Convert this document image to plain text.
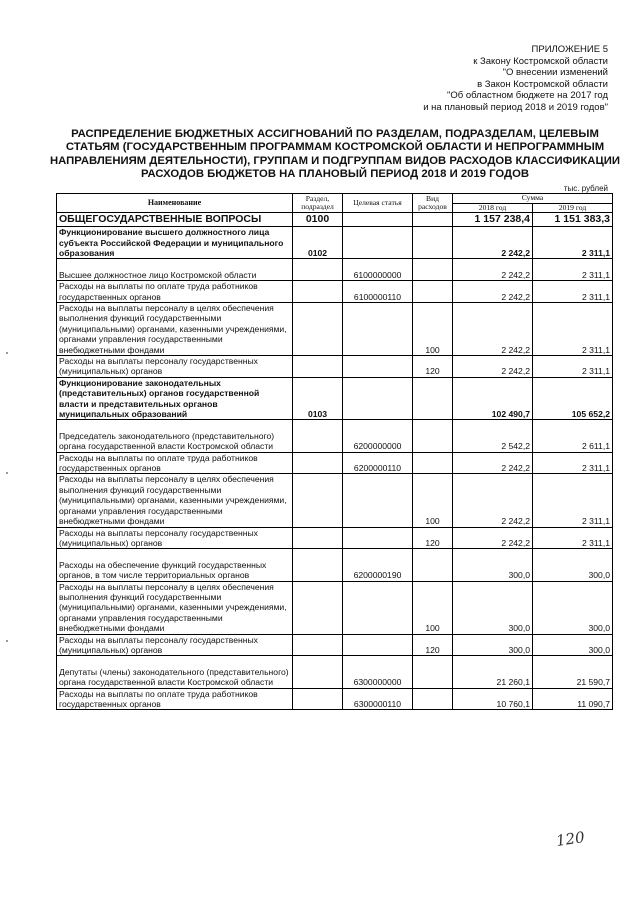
ПРИЛОЖЕНИЕ 5
к Закону Костромской области
"О внесении изменений
в Закон Костромской области
"Об областном бюджете на 2017 год
и на плановый период 2018 и 2019 годов"
РАСПРЕДЕЛЕНИЕ БЮДЖЕТНЫХ АССИГНОВАНИЙ ПО РАЗДЕЛАМ, ПОДРАЗДЕЛАМ, ЦЕЛЕВЫМ
СТАТЬЯМ (ГОСУДАРСТВЕННЫМ ПРОГРАММАМ КОСТРОМСКОЙ ОБЛАСТИ И НЕПРОГРАММНЫМ
НАПРАВЛЕНИЯМ ДЕЯТЕЛЬНОСТИ), ГРУППАМ И ПОДГРУППАМ ВИДОВ РАСХОДОВ КЛАССИФИКАЦИИ
РАСХОДОВ БЮДЖЕТОВ НА ПЛАНОВЫЙ ПЕРИОД 2018 И 2019 ГОДОВ
тыс. рублей
Наименование	Раздел, подраздел	Целевая статья	Вид расходов	Сумма	
				2018 год	2019 год
ОБЩЕГОСУДАРСТВЕННЫЕ ВОПРОСЫ	0100			1 157 238,4	1 151 383,3
Функционирование высшего должностного лица субъекта Российской Федерации и муниципального образования	0102			2 242,2	2 311,1
Высшее должностное лицо Костромской области		6100000000		2 242,2	2 311,1
Расходы на выплаты по оплате труда работников государственных органов		6100000110		2 242,2	2 311,1
Расходы на выплаты персоналу в целях обеспечения выполнения функций государственными (муниципальными) органами, казенными учреждениями, органами управления государственными внебюджетными фондами			100	2 242,2	2 311,1
Расходы на выплаты персоналу государственных (муниципальных) органов			120	2 242,2	2 311,1
Функционирование законодательных (представительных) органов государственной власти и представительных органов муниципальных образований	0103			102 490,7	105 652,2
Председатель законодательного (представительного) органа государственной власти Костромской области		6200000000		2 542,2	2 611,1
Расходы на выплаты по оплате труда работников государственных органов		6200000110		2 242,2	2 311,1
Расходы на выплаты персоналу в целях обеспечения выполнения функций государственными (муниципальными) органами, казенными учреждениями, органами управления государственными внебюджетными фондами			100	2 242,2	2 311,1
Расходы на выплаты персоналу государственных (муниципальных) органов			120	2 242,2	2 311,1
Расходы на обеспечение функций государственных органов, в том числе территориальных органов		6200000190		300,0	300,0
Расходы на выплаты персоналу в целях обеспечения выполнения функций государственными (муниципальными) органами, казенными учреждениями, органами управления государственными внебюджетными фондами			100	300,0	300,0
Расходы на выплаты персоналу государственных (муниципальных) органов			120	300,0	300,0
Депутаты (члены) законодательного (представительного) органа государственной власти Костромской области		6300000000		21 260,1	21 590,7
Расходы на выплаты по оплате труда работников государственных органов		6300000110		10 760,1	11 090,7
120
